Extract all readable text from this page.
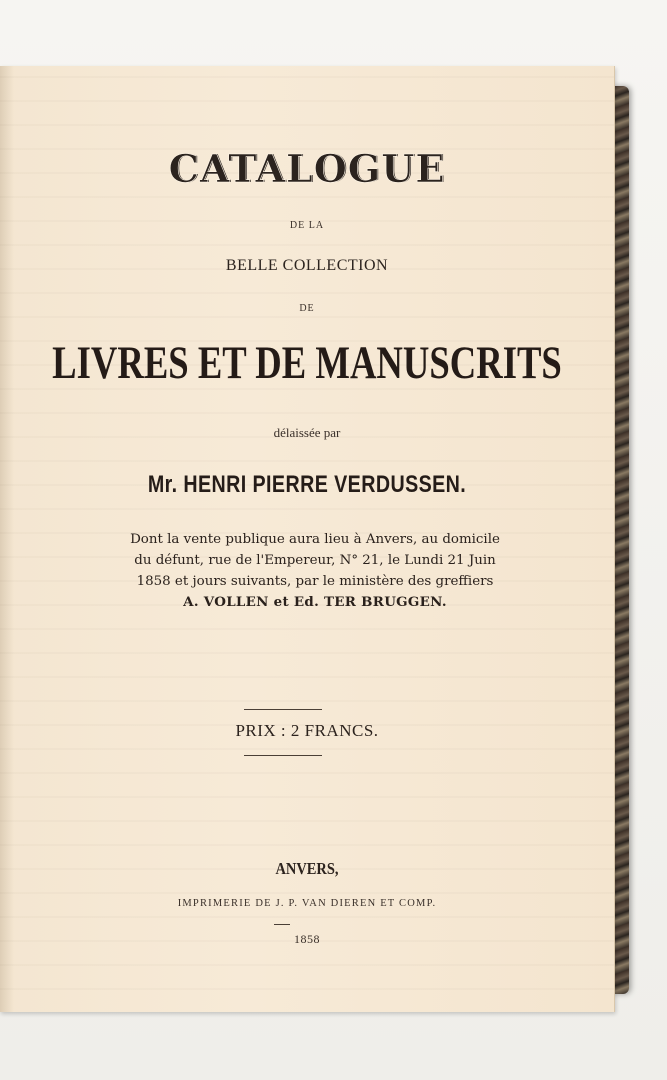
CATALOGUE
DE LA
BELLE COLLECTION
DE
LIVRES ET DE MANUSCRITS
délaissée par
Mr. HENRI PIERRE VERDUSSEN.
Dont la vente publique aura lieu à Anvers, au domicile
du défunt, rue de l'Empereur, N° 21, le Lundi 21 Juin
1858 et jours suivants, par le ministère des greffiers
A. VOLLEN et Ed. TER BRUGGEN.
PRIX : 2 FRANCS.
ANVERS,
IMPRIMERIE DE J. P. VAN DIEREN ET COMP.
1858
